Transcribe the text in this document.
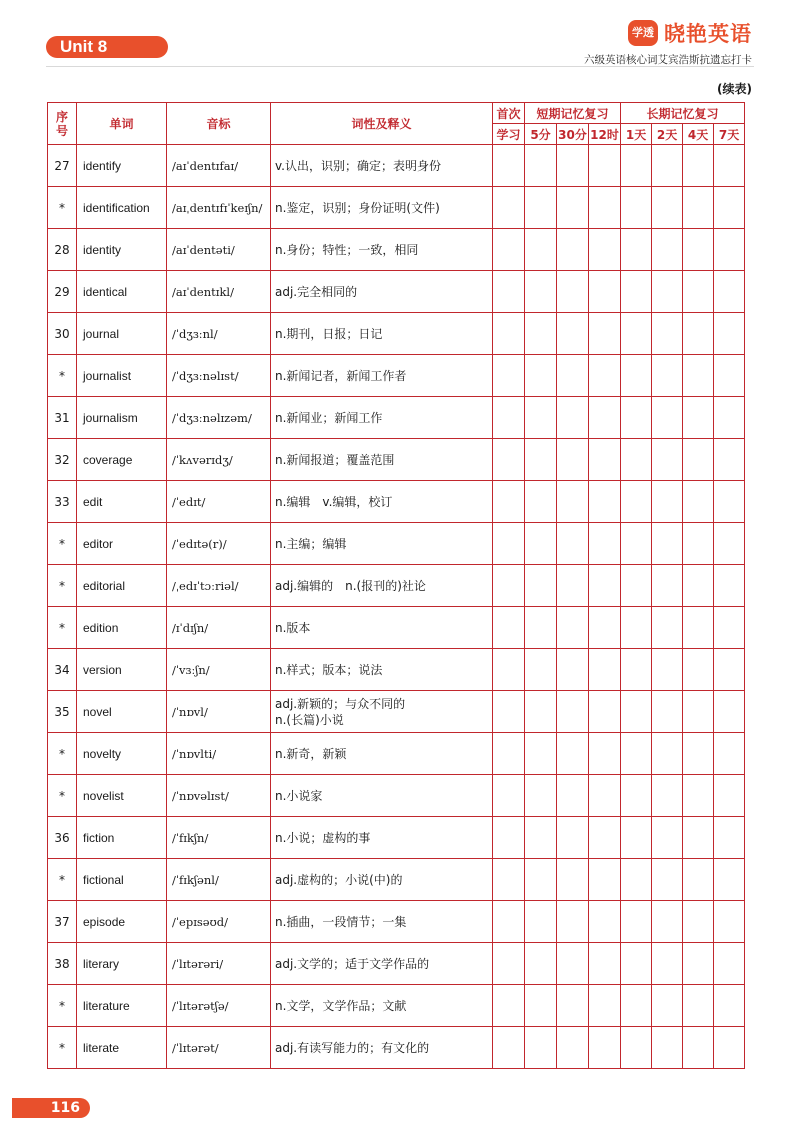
Unit 8
学透 晓艳英语
六级英语核心词艾宾浩斯抗遗忘打卡
(续表)
序号	单词	音标	词性及释义	首次	短期记忆复习			长期记忆复习			
				学习	5分	30分	12时	1天	2天	4天	7天
27	identify	/aɪˈdentɪfaɪ/	v.认出，识别；确定；表明身份								

*	identification	/aɪˌdentɪfɪˈkeɪʃn/	n.鉴定，识别；身份证明(文件)								

28	identity	/aɪˈdentəti/	n.身份；特性；一致，相同								

29	identical	/aɪˈdentɪkl/	adj.完全相同的								

30	journal	/ˈdʒɜːnl/	n.期刊，日报；日记								

*	journalist	/ˈdʒɜːnəlɪst/	n.新闻记者，新闻工作者								

31	journalism	/ˈdʒɜːnəlɪzəm/	n.新闻业；新闻工作								

32	coverage	/ˈkʌvərɪdʒ/	n.新闻报道；覆盖范围								

33	edit	/ˈedɪt/	n.编辑　v.编辑，校订								

*	editor	/ˈedɪtə(r)/	n.主编；编辑								

*	editorial	/ˌedɪˈtɔːriəl/	adj.编辑的　n.(报刊的)社论								

*	edition	/ɪˈdɪʃn/	n.版本								

34	version	/ˈvɜːʃn/	n.样式；版本；说法								

35	novel	/ˈnɒvl/	adj.新颖的；与众不同的
n.(长篇)小说								

*	novelty	/ˈnɒvlti/	n.新奇，新颖								

*	novelist	/ˈnɒvəlɪst/	n.小说家								

36	fiction	/ˈfɪkʃn/	n.小说；虚构的事								

*	fictional	/ˈfɪkʃənl/	adj.虚构的；小说(中)的								

37	episode	/ˈepɪsəʊd/	n.插曲，一段情节；一集								

38	literary	/ˈlɪtərəri/	adj.文学的；适于文学作品的								

*	literature	/ˈlɪtərətʃə/	n.文学，文学作品；文献								

*	literate	/ˈlɪtərət/	adj.有读写能力的；有文化的								

116
